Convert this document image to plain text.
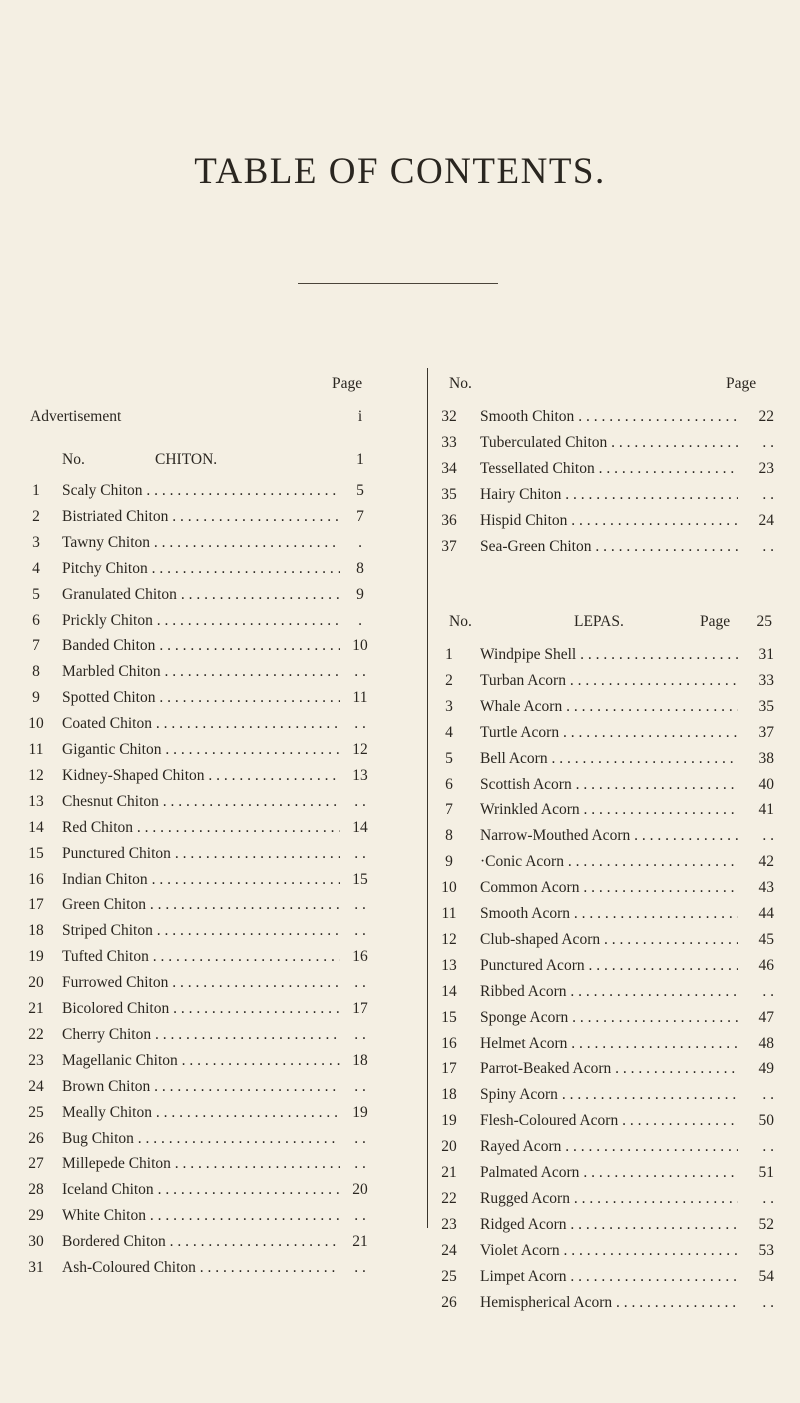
TABLE OF CONTENTS.
Page
Advertisement	i
No.	CHITON.	1
1	Scaly Chiton . . .	5
2	Bistriated Chiton . . .	7
3	Tawny Chiton . . .	.
4	Pitchy Chiton . . .	8
5	Granulated Chiton . . .	9
6	Prickly Chiton . . .	.
7	Banded Chiton . . .	10
8	Marbled Chiton . . .	. .
9	Spotted Chiton . . .	11
10	Coated Chiton . . .	. .
11	Gigantic Chiton . . .	12
12	Kidney-Shaped Chiton . . .	13
13	Chesnut Chiton . . .	. .
14	Red Chiton . . .	14
15	Punctured Chiton . . .	. .
16	Indian Chiton . . .	15
17	Green Chiton . . .	. .
18	Striped Chiton . . .	. .
19	Tufted Chiton . . .	16
20	Furrowed Chiton . . .	. .
21	Bicolored Chiton . . .	17
22	Cherry Chiton . . .	. .
23	Magellanic Chiton . . .	18
24	Brown Chiton . . .	. .
25	Meally Chiton . . .	19
26	Bug Chiton . . .	. .
27	Millepede Chiton . . .	. .
28	Iceland Chiton . . .	20
29	White Chiton . . .	. .
30	Bordered Chiton . . .	21
31	Ash-Coloured Chiton . . .	. .
No.	Page
32	Smooth Chiton . . .	22
33	Tuberculated Chiton . . .	. .
34	Tessellated Chiton . . .	23
35	Hairy Chiton . . .	. .
36	Hispid Chiton . . .	24
37	Sea-Green Chiton . . .	. .
No.	LEPAS.	Page	25
1	Windpipe Shell . . .	31
2	Turban Acorn . . .	33
3	Whale Acorn . . .	35
4	Turtle Acorn . . .	37
5	Bell Acorn . . .	38
6	Scottish Acorn . . .	40
7	Wrinkled Acorn . . .	41
8	Narrow-Mouthed Acorn . . .	. .
9	·Conic Acorn . . .	42
10	Common Acorn . . .	43
11	Smooth Acorn . . .	44
12	Club-shaped Acorn . . .	45
13	Punctured Acorn . . .	46
14	Ribbed Acorn . . .	. .
15	Sponge Acorn . . .	47
16	Helmet Acorn . . .	48
17	Parrot-Beaked Acorn . . .	49
18	Spiny Acorn . . .	. .
19	Flesh-Coloured Acorn . . .	50
20	Rayed Acorn . . .	. .
21	Palmated Acorn . . .	51
22	Rugged Acorn . . .	. .
23	Ridged Acorn . . .	52
24	Violet Acorn . . .	53
25	Limpet Acorn . . .	54
26	Hemispherical Acorn . . .	. .
